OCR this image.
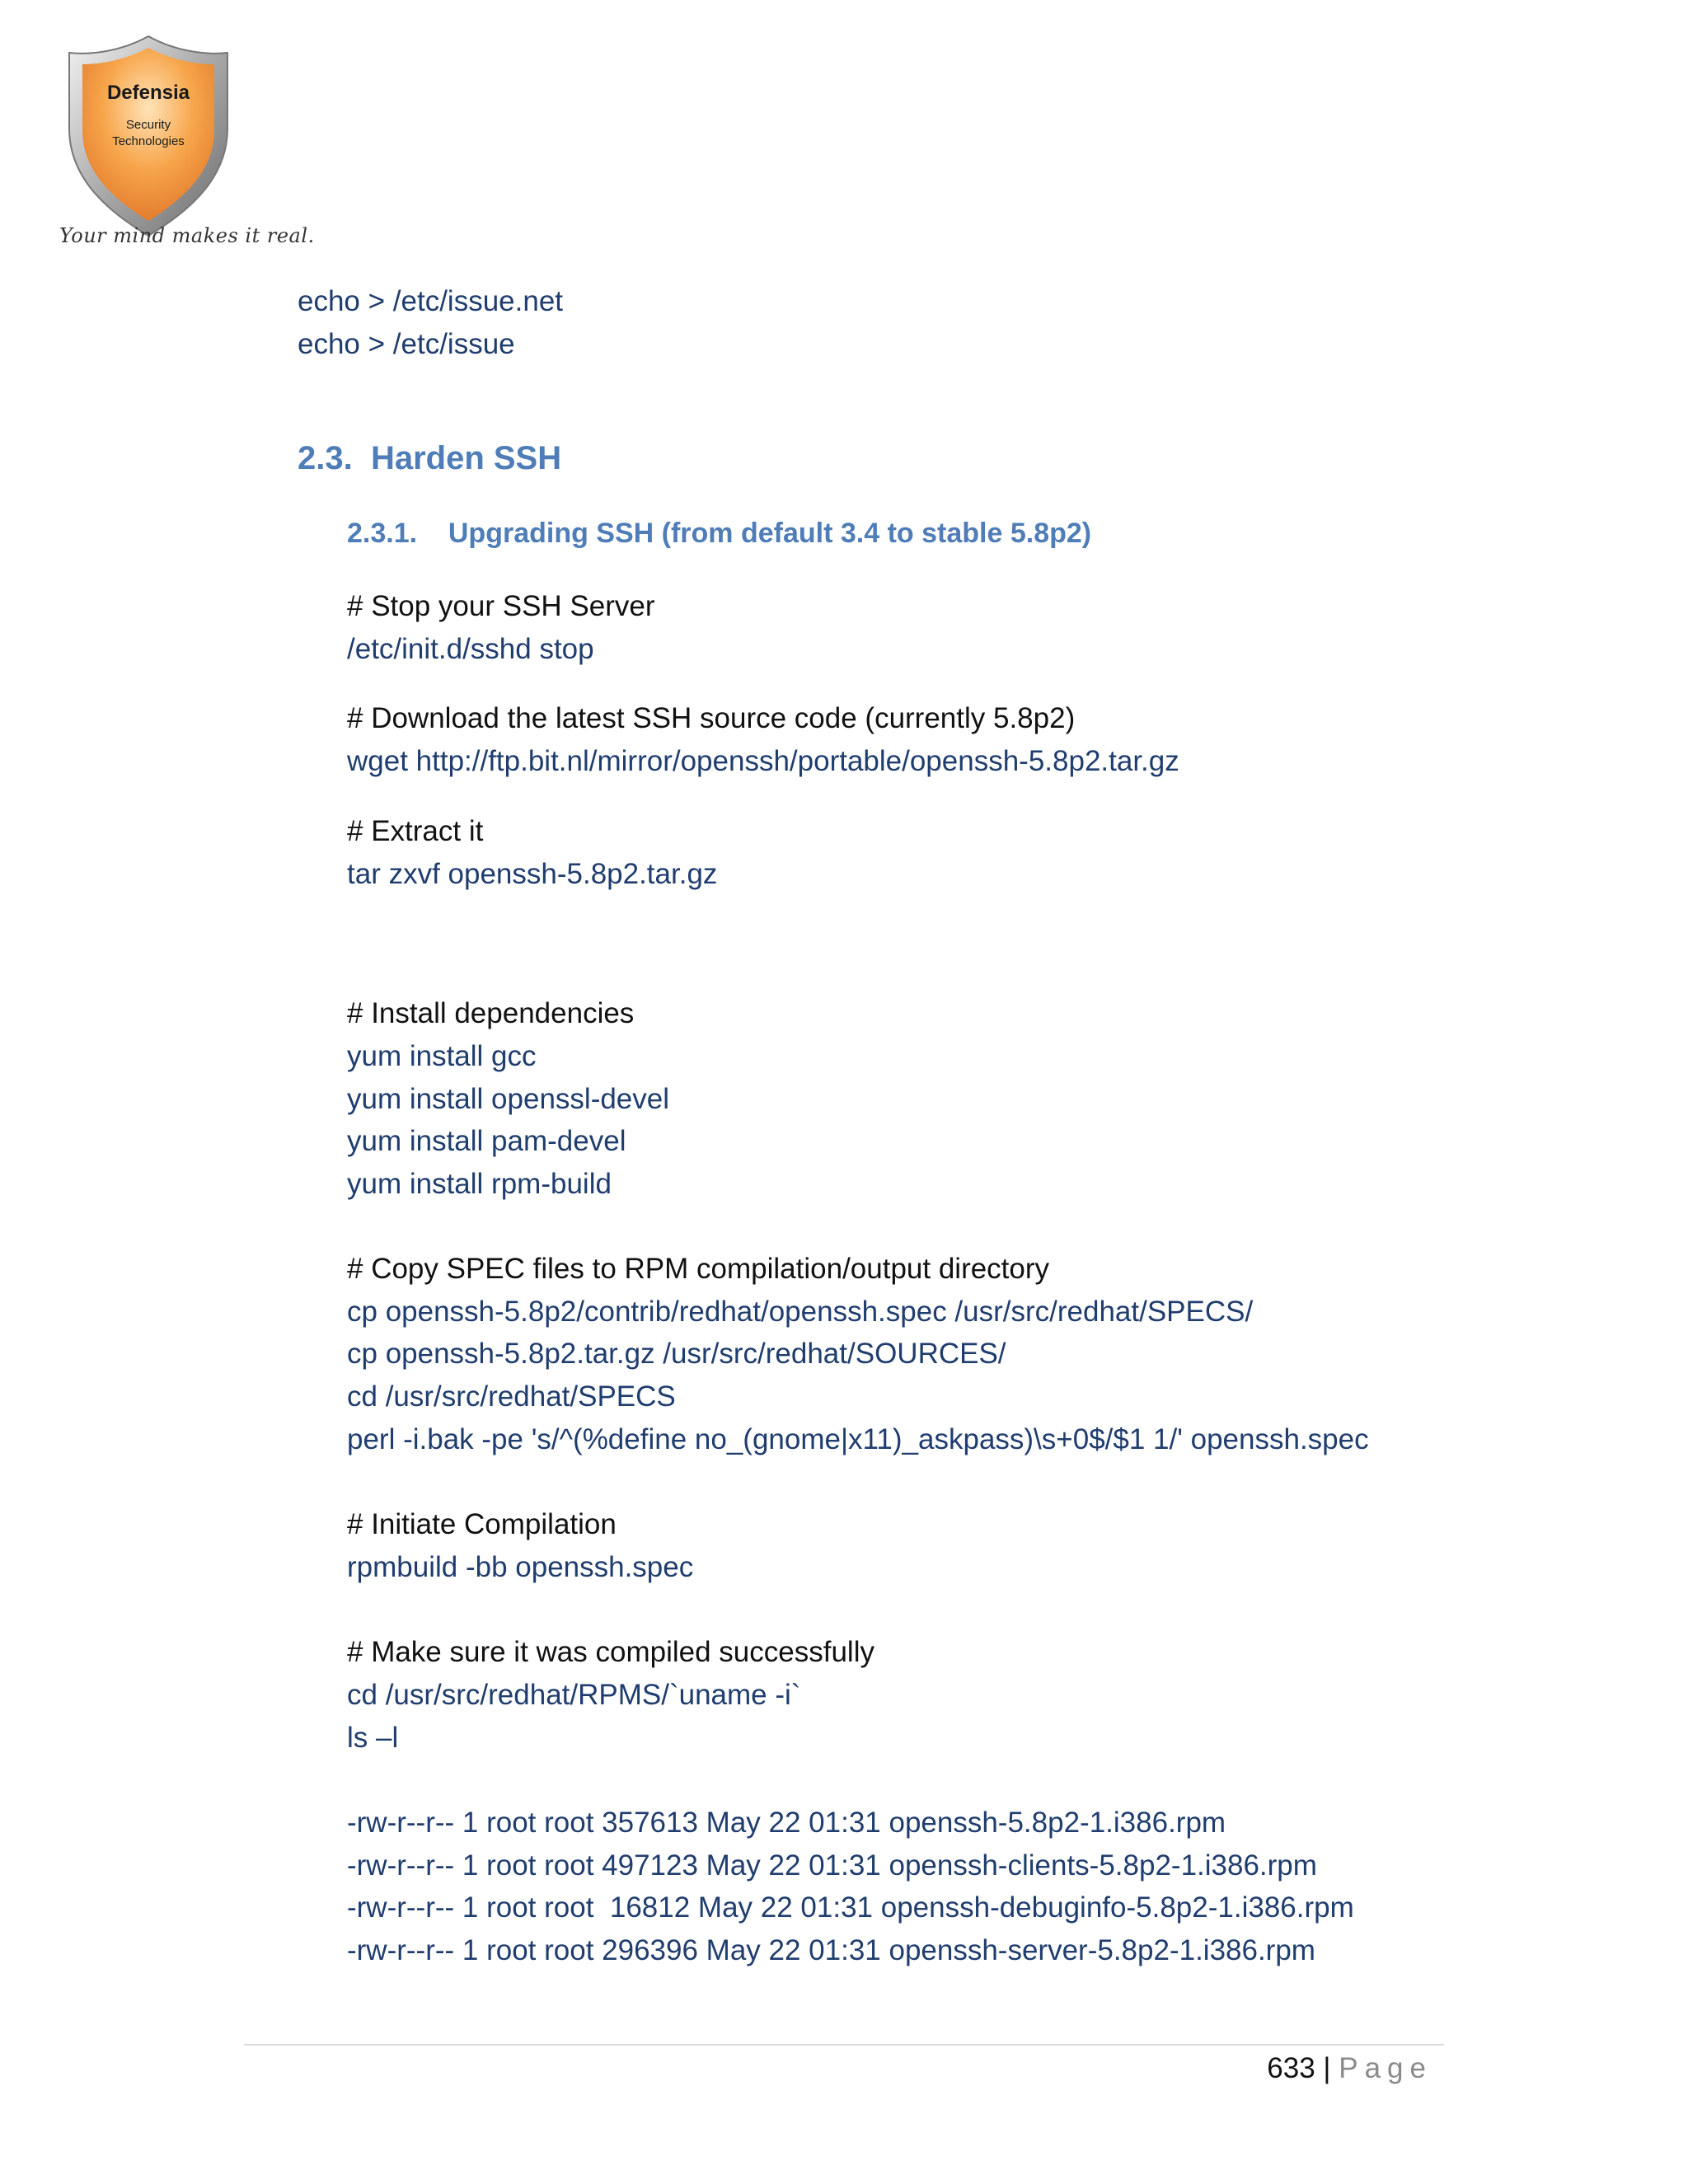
Defensia
Security
Technologies
Your mind makes it real.
echo > /etc/issue.net
echo > /etc/issue
2.3. Harden SSH
2.3.1. Upgrading SSH (from default 3.4 to stable 5.8p2)
# Stop your SSH Server
/etc/init.d/sshd stop
# Download the latest SSH source code (currently 5.8p2)
wget http://ftp.bit.nl/mirror/openssh/portable/openssh-5.8p2.tar.gz
# Extract it
tar zxvf openssh-5.8p2.tar.gz
# Install dependencies
yum install gcc
yum install openssl-devel
yum install pam-devel
yum install rpm-build
# Copy SPEC files to RPM compilation/output directory
cp openssh-5.8p2/contrib/redhat/openssh.spec /usr/src/redhat/SPECS/
cp openssh-5.8p2.tar.gz /usr/src/redhat/SOURCES/
cd /usr/src/redhat/SPECS
perl -i.bak -pe 's/^(%define no_(gnome|x11)_askpass)\s+0$/$1 1/' openssh.spec
# Initiate Compilation
rpmbuild -bb openssh.spec
# Make sure it was compiled successfully
cd /usr/src/redhat/RPMS/`uname -i`
ls –l
-rw-r--r-- 1 root root 357613 May 22 01:31 openssh-5.8p2-1.i386.rpm
-rw-r--r-- 1 root root 497123 May 22 01:31 openssh-clients-5.8p2-1.i386.rpm
-rw-r--r-- 1 root root  16812 May 22 01:31 openssh-debuginfo-5.8p2-1.i386.rpm
-rw-r--r-- 1 root root 296396 May 22 01:31 openssh-server-5.8p2-1.i386.rpm
633 | Page
